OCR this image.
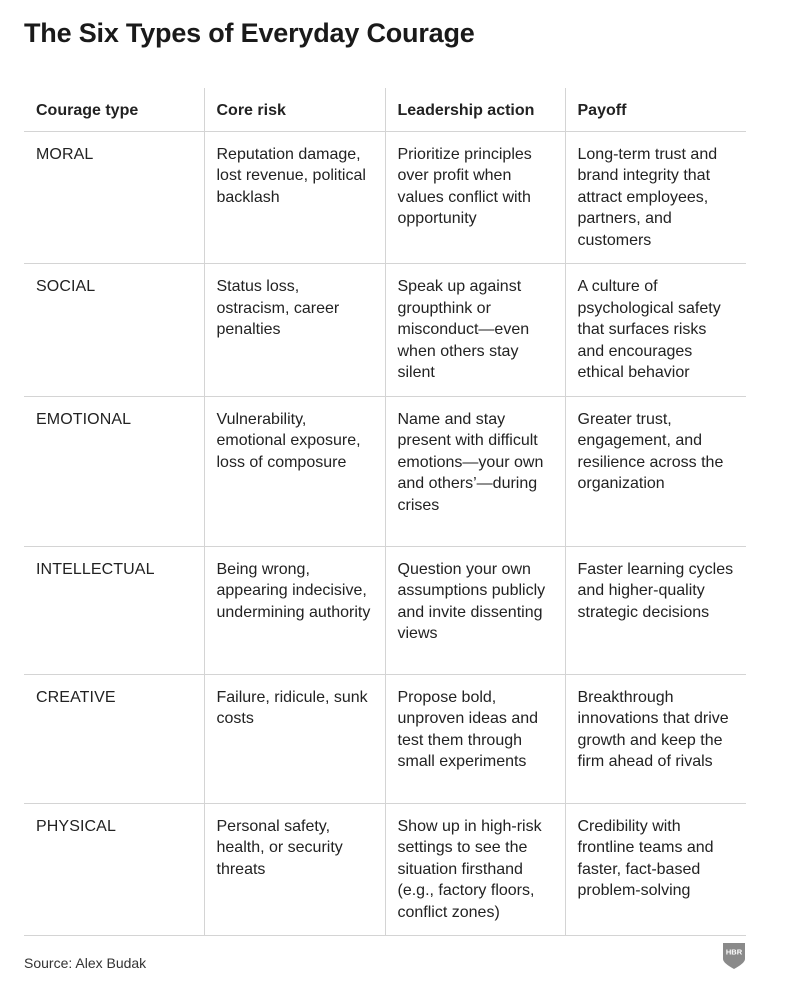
The Six Types of Everyday Courage
Courage type	Core risk	Leadership action	Payoff
MORAL	Reputation damage, lost revenue, political backlash	Prioritize principles over profit when values conflict with opportunity	Long-term trust and brand integrity that attract employees, partners, and customers
SOCIAL	Status loss, ostracism, career penalties	Speak up against groupthink or misconduct—even when others stay silent	A culture of psychological safety that surfaces risks and encourages ethical behavior
EMOTIONAL	Vulnerability, emotional exposure, loss of composure	Name and stay present with difficult emotions—your own and others’—during crises	Greater trust, engagement, and resilience across the organization
INTELLECTUAL	Being wrong, appearing indecisive, undermining authority	Question your own assumptions publicly and invite dissenting views	Faster learning cycles and higher-quality strategic decisions
CREATIVE	Failure, ridicule, sunk costs	Propose bold, unproven ideas and test them through small experiments	Breakthrough innovations that drive growth and keep the firm ahead of rivals
PHYSICAL	Personal safety, health, or security threats	Show up in high-risk settings to see the situation firsthand (e.g., factory floors, conflict zones)	Credibility with frontline teams and faster, fact-based problem-solving
Source: Alex Budak
HBR
